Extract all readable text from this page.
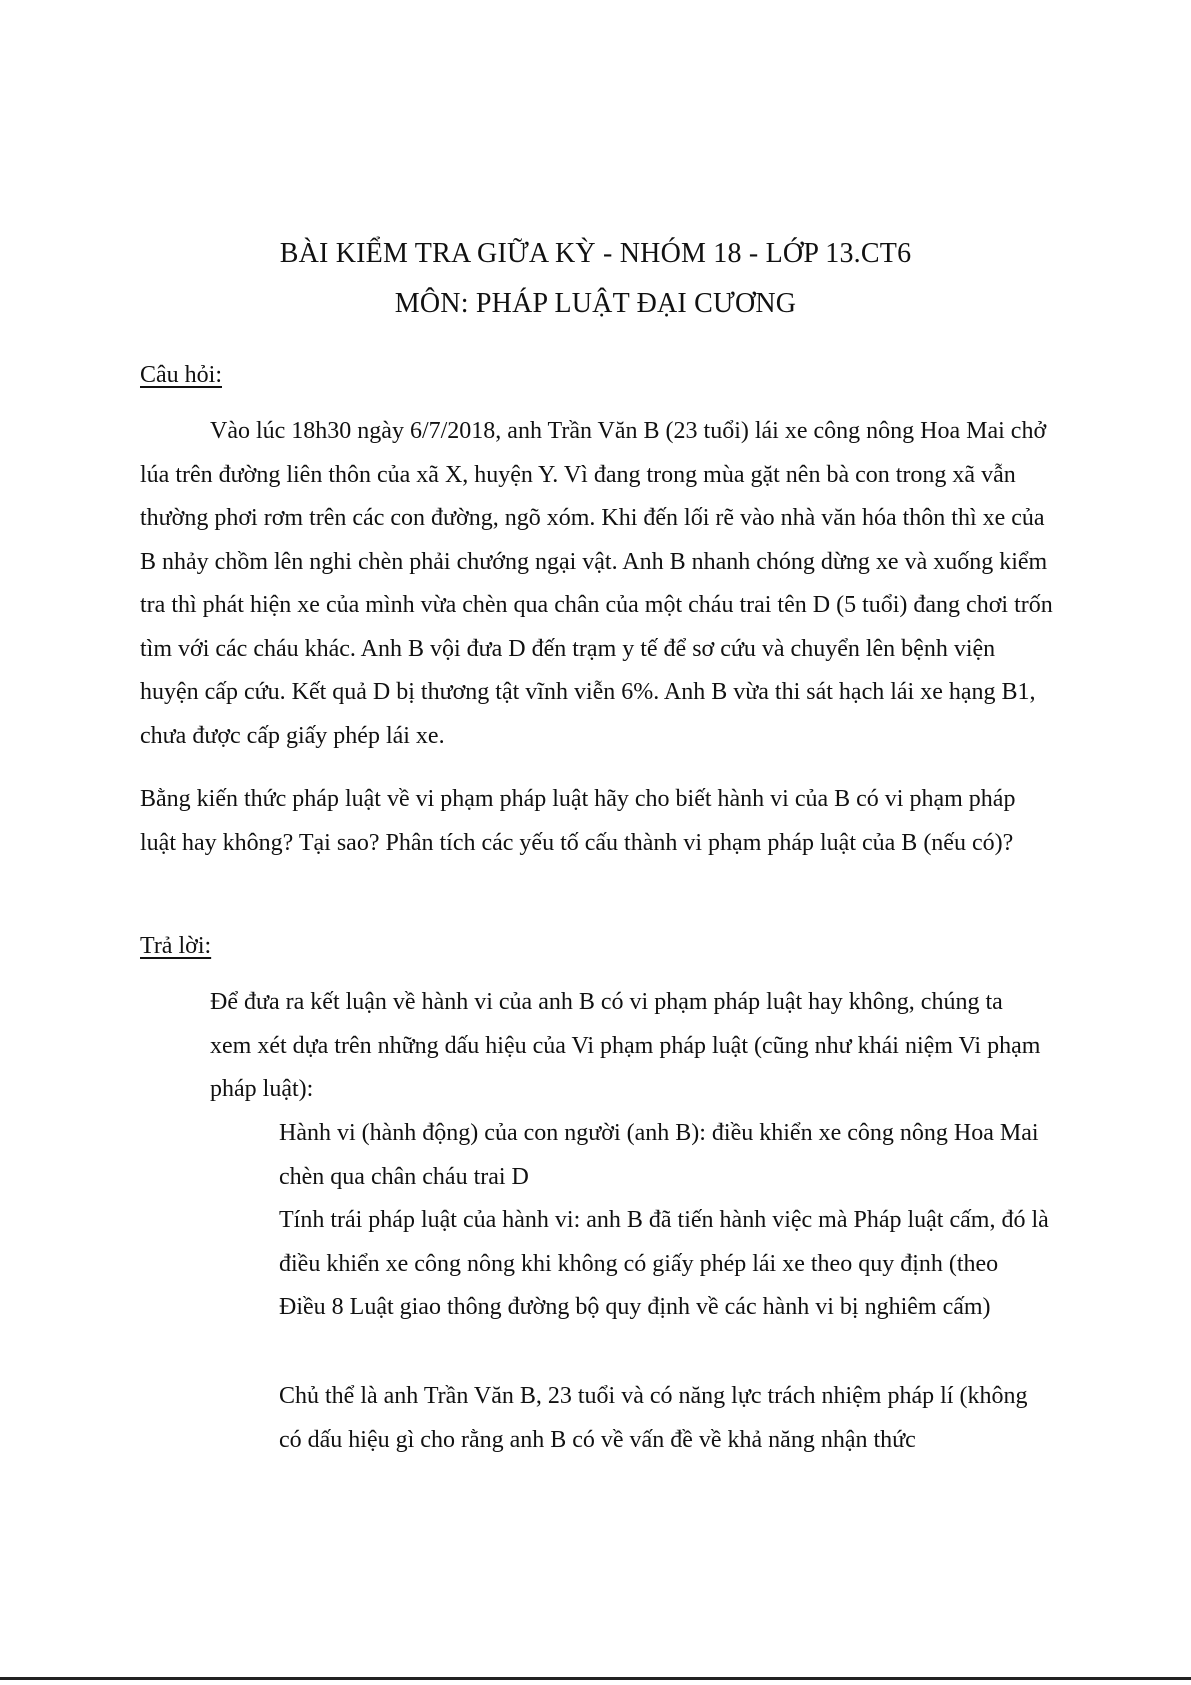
BÀI KIỂM TRA GIỮA KỲ - NHÓM 18 - LỚP 13.CT6
MÔN: PHÁP LUẬT ĐẠI CƯƠNG
Câu hỏi:

Vào lúc 18h30 ngày 6/7/2018, anh Trần Văn B (23 tuổi) lái xe công nông Hoa Mai chở lúa trên đường liên thôn của xã X, huyện Y. Vì đang trong mùa gặt nên bà con trong xã vẫn thường phơi rơm trên các con đường, ngõ xóm. Khi đến lối rẽ vào nhà văn hóa thôn thì xe của B nhảy chồm lên nghi chèn phải chướng ngại vật. Anh B nhanh chóng dừng xe và xuống kiểm tra thì phát hiện xe của mình vừa chèn qua chân của một cháu trai tên D (5 tuổi) đang chơi trốn tìm với các cháu khác. Anh B vội đưa D đến trạm y tế để sơ cứu và chuyển lên bệnh viện huyện cấp cứu. Kết quả D bị thương tật vĩnh viễn 6%. Anh B vừa thi sát hạch lái xe hạng B1, chưa được cấp giấy phép lái xe.

Bằng kiến thức pháp luật về vi phạm pháp luật hãy cho biết hành vi của B có vi phạm pháp luật hay không? Tại sao? Phân tích các yếu tố cấu thành vi phạm pháp luật của B (nếu có)?

Trả lời:
Để đưa ra kết luận về hành vi của anh B có vi phạm pháp luật hay không, chúng ta xem xét dựa trên những dấu hiệu của Vi phạm pháp luật (cũng như khái niệm Vi phạm pháp luật):
Hành vi (hành động) của con người (anh B): điều khiển xe công nông Hoa Mai chèn qua chân cháu trai D
Tính trái pháp luật của hành vi: anh B đã tiến hành việc mà Pháp luật cấm, đó là điều khiển xe công nông khi không có giấy phép lái xe theo quy định (theo Điều 8 Luật giao thông đường bộ quy định về các hành vi bị nghiêm cấm)
Chủ thể là anh Trần Văn B, 23 tuổi và có năng lực trách nhiệm pháp lí (không có dấu hiệu gì cho rằng anh B có về vấn đề về khả năng nhận thức
